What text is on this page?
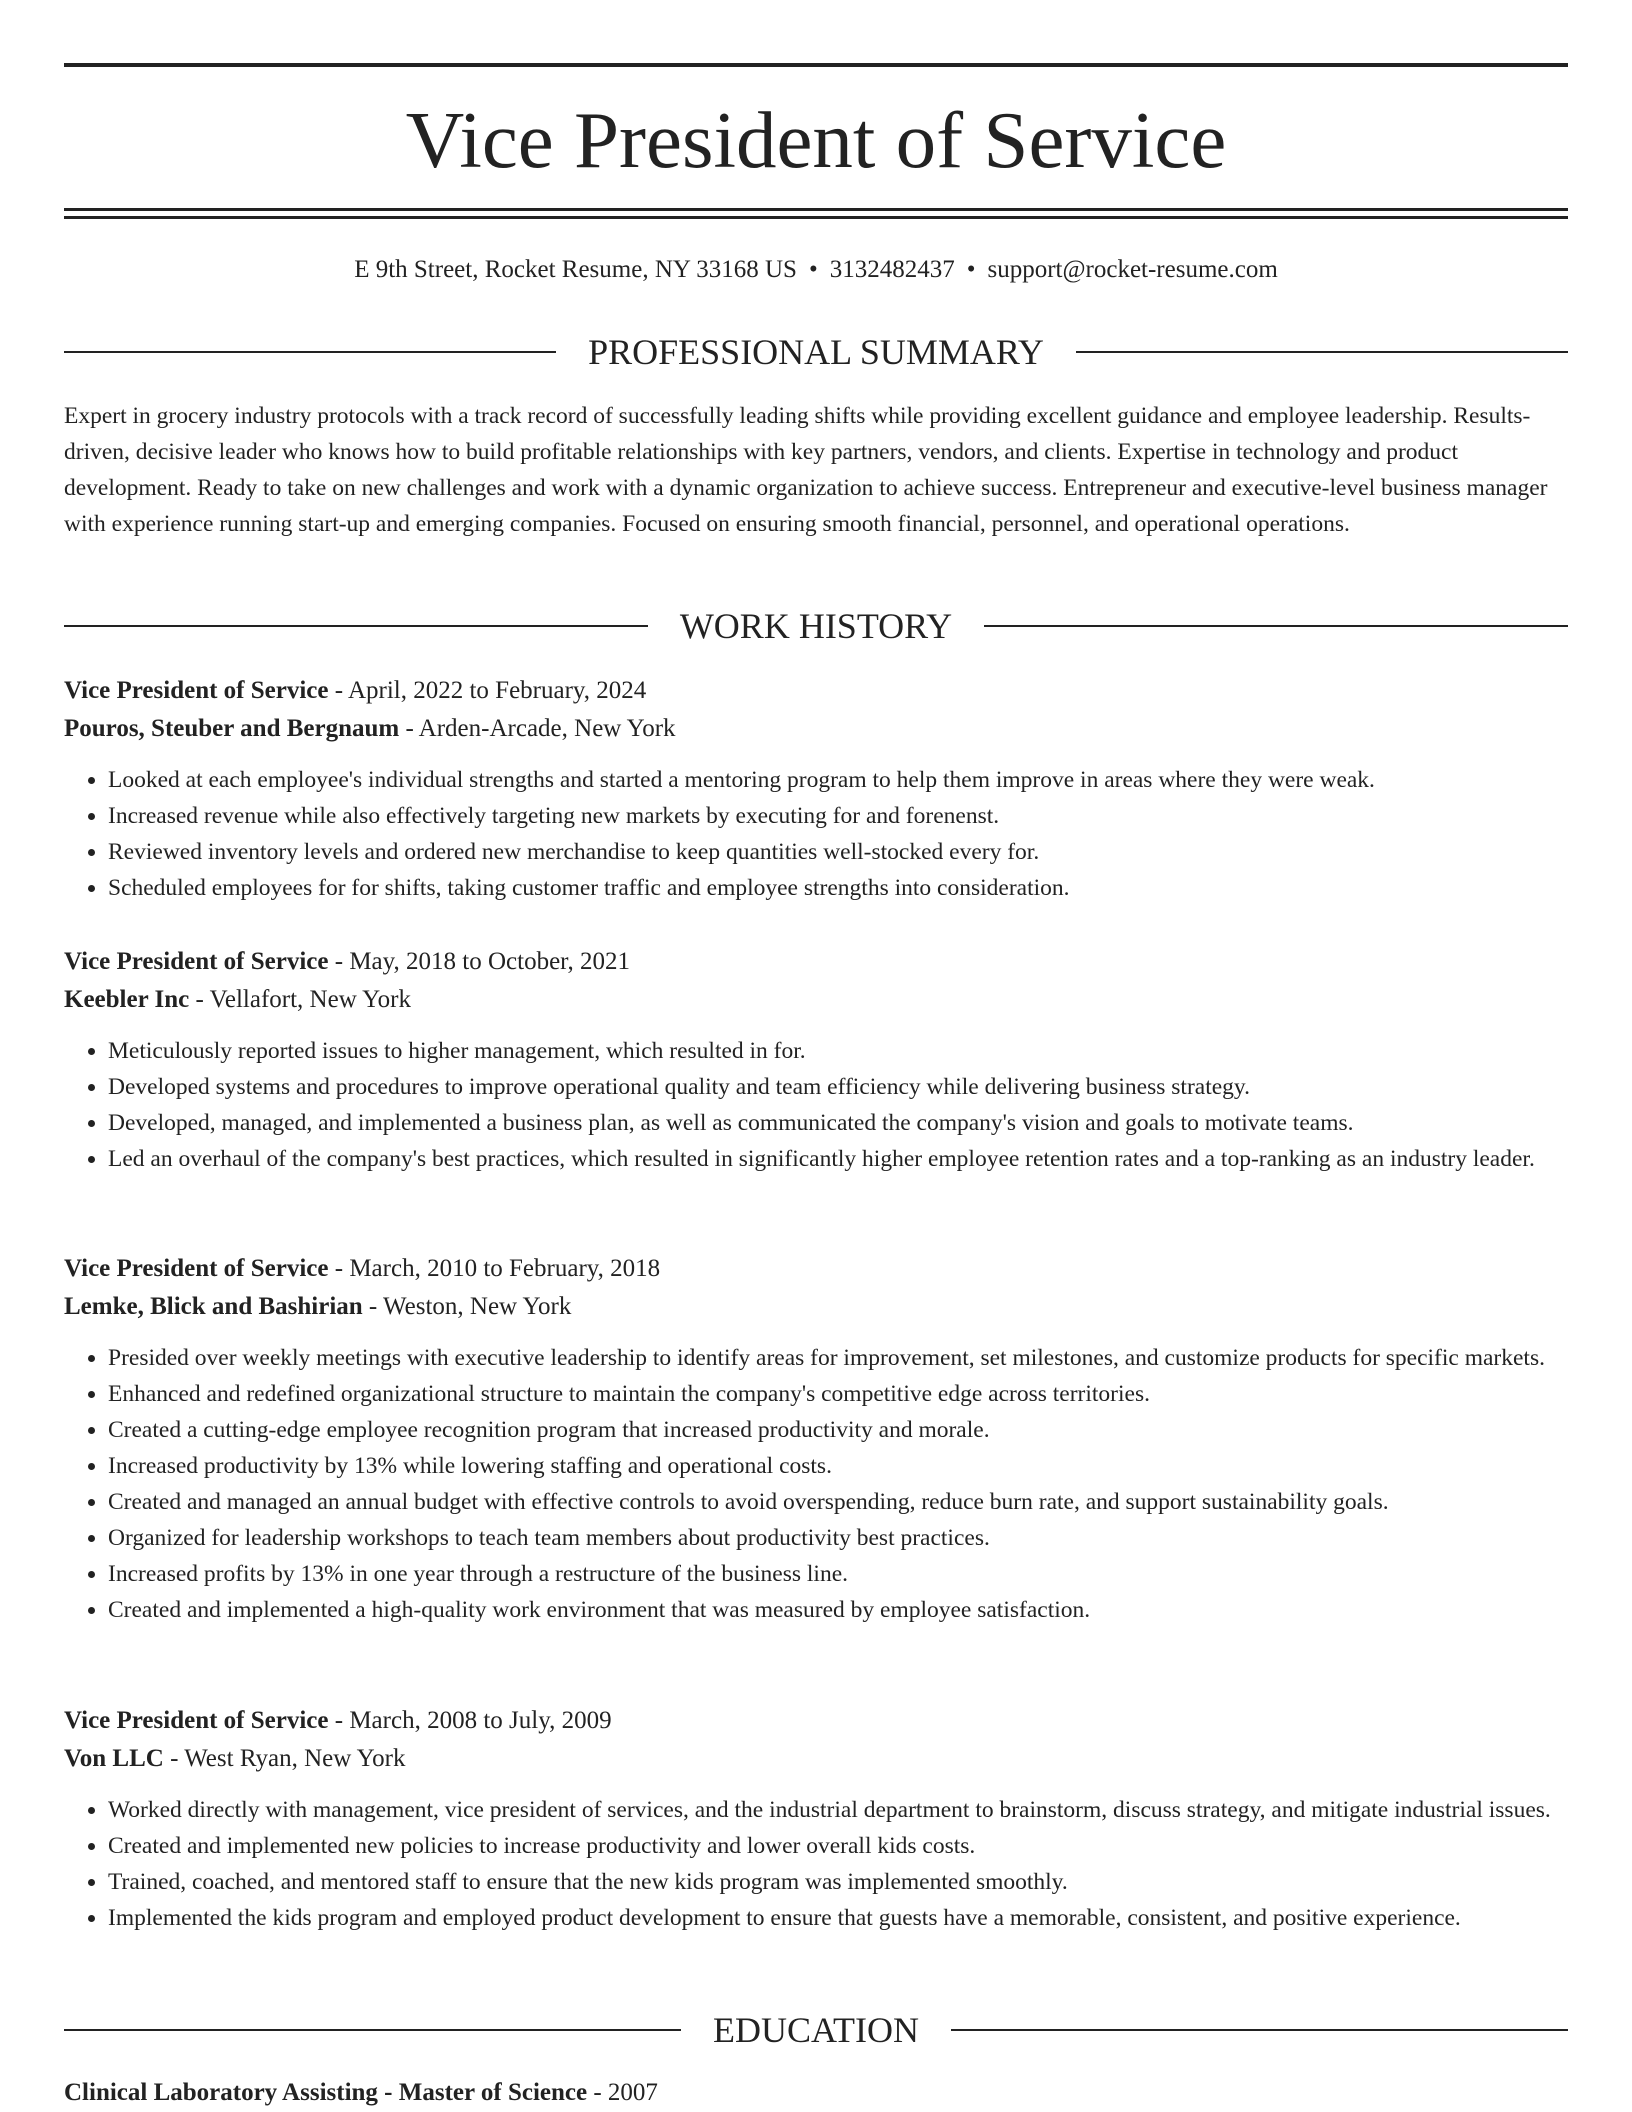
Vice President of Service
E 9th Street, Rocket Resume, NY 33168 US • 3132482437 • support@rocket-resume.com
PROFESSIONAL SUMMARY

Expert in grocery industry protocols with a track record of successfully leading shifts while providing excellent guidance and employee leadership. Results-driven, decisive leader who knows how to build profitable relationships with key partners, vendors, and clients. Expertise in technology and product development. Ready to take on new challenges and work with a dynamic organization to achieve success. Entrepreneur and executive-level business manager with experience running start-up and emerging companies. Focused on ensuring smooth financial, personnel, and operational operations.

WORK HISTORY
Vice President of Service - April, 2022 to February, 2024
Pouros, Steuber and Bergnaum - Arden-Arcade, New York
• Looked at each employee's individual strengths and started a mentoring program to help them improve in areas where they were weak.
• Increased revenue while also effectively targeting new markets by executing for and forenenst.
• Reviewed inventory levels and ordered new merchandise to keep quantities well-stocked every for.
• Scheduled employees for for shifts, taking customer traffic and employee strengths into consideration.
Vice President of Service - May, 2018 to October, 2021
Keebler Inc - Vellafort, New York
• Meticulously reported issues to higher management, which resulted in for.
• Developed systems and procedures to improve operational quality and team efficiency while delivering business strategy.
• Developed, managed, and implemented a business plan, as well as communicated the company's vision and goals to motivate teams.
• Led an overhaul of the company's best practices, which resulted in significantly higher employee retention rates and a top-ranking as an industry leader.
Vice President of Service - March, 2010 to February, 2018
Lemke, Blick and Bashirian - Weston, New York
• Presided over weekly meetings with executive leadership to identify areas for improvement, set milestones, and customize products for specific markets.
• Enhanced and redefined organizational structure to maintain the company's competitive edge across territories.
• Created a cutting-edge employee recognition program that increased productivity and morale.
• Increased productivity by 13% while lowering staffing and operational costs.
• Created and managed an annual budget with effective controls to avoid overspending, reduce burn rate, and support sustainability goals.
• Organized for leadership workshops to teach team members about productivity best practices.
• Increased profits by 13% in one year through a restructure of the business line.
• Created and implemented a high-quality work environment that was measured by employee satisfaction.
Vice President of Service - March, 2008 to July, 2009
Von LLC - West Ryan, New York
• Worked directly with management, vice president of services, and the industrial department to brainstorm, discuss strategy, and mitigate industrial issues.
• Created and implemented new policies to increase productivity and lower overall kids costs.
• Trained, coached, and mentored staff to ensure that the new kids program was implemented smoothly.
• Implemented the kids program and employed product development to ensure that guests have a memorable, consistent, and positive experience.
EDUCATION
Clinical Laboratory Assisting - Master of Science - 2007
